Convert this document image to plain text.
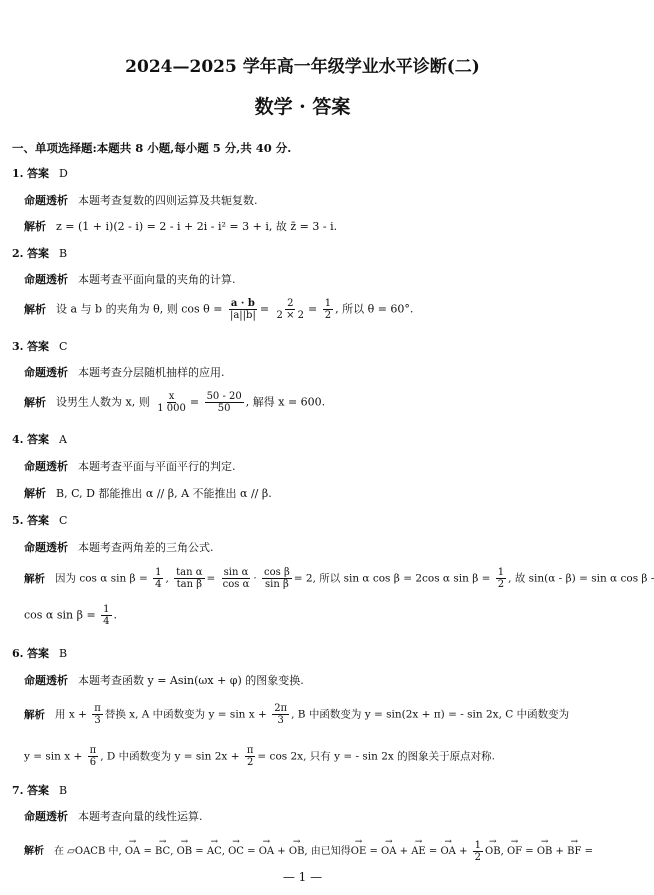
2024—2025 学年高一年级学业水平诊断(二)
数学 · 答案
一、单项选择题:本题共 8 小题,每小题 5 分,共 40 分.
1. 答案 D
命题透析 本题考查复数的四则运算及共轭复数.
解析 z = (1 + i)(2 - i) = 2 - i + 2i - i² = 3 + i, 故 z̄ = 3 - i.
2. 答案 B
命题透析 本题考查平面向量的夹角的计算.
解析 设 a 与 b 的夹角为 θ, 则 $\cos \theta = \frac{a \cdot b}{|a||b|} = \frac{2}{2 \times 2} = \frac{1}{2}$ , 所以 θ = 60°.
3. 答案 C
命题透析 本题考查分层随机抽样的应用.
解析 设男生人数为 x, 则 $\frac{x}{1 000} = \frac{50 - 20}{50}$ , 解得 x = 600.
4. 答案 A
命题透析 本题考查平面与平面平行的判定.
解析 B, C, D 都能推出 α // β, A 不能推出 α // β.
5. 答案 C
命题透析 本题考查两角差的三角公式.
解析 因为 cos α $\sin \beta = \frac{1}{4}$ , $\frac{\text{tan α}}{\text{tan β}} = \frac{\text{sin α}}{\text{cos α}} \cdot \frac{\text{cos β}}{\text{sin β}} = 2$, 所以 sin α cos β = 2cos α $\sin \beta = \frac{1}{2}$ , 故 sin(α - β) = sin α cos β -
cos α $\sin \beta = \frac{1}{4}$ .
6. 答案 B
命题透析 本题考查函数 y = Asin(ωx + φ) 的图象变换.
解析 用 $x + \frac{\pi}{3}$ 替换 x, A 中函数变为 $y = \sin x + \frac{2\pi}{3}$ , B 中函数变为 y = sin(2x + π) = - sin 2x, C 中函数变为
$y = \sin x + \frac{\pi}{6}$ , D 中函数变为 $y = \sin 2x + \frac{\pi}{2} = \cos 2x$, 只有 y = - sin 2x 的图象关于原点对称.
7. 答案 B
命题透析 本题考查向量的线性运算.
解析 在 ▱OACB 中, → OA = → BC, → OB = → AC, → OC = → OA + → OB, 由已知得→ OE = → OA + → AE = → OA + $\frac{1}{2}$ → OB, → OF = → OB + → BF =
— 1 —
